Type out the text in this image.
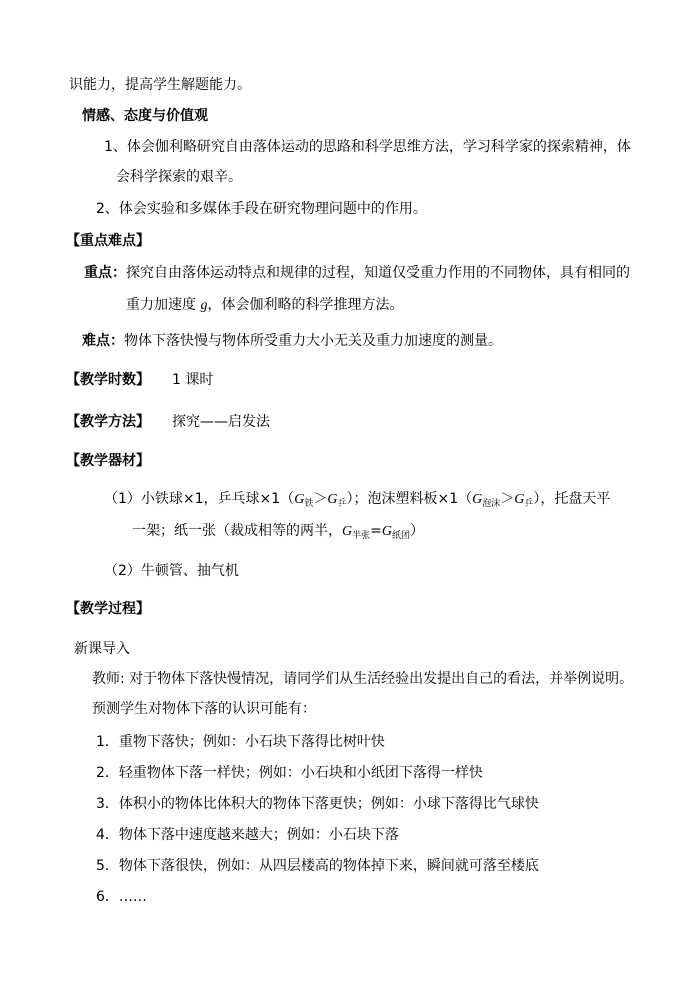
识能力，提高学生解题能力。
情感、态度与价值观
1、体会伽利略研究自由落体运动的思路和科学思维方法，学习科学家的探索精神，体
会科学探索的艰辛。
2、体会实验和多媒体手段在研究物理问题中的作用。
【重点难点】
重点：探究自由落体运动特点和规律的过程，知道仅受重力作用的不同物体，具有相同的
重力加速度 g，体会伽利略的科学推理方法。
难点：物体下落快慢与物体所受重力大小无关及重力加速度的测量。
【教学时数】 1 课时
【教学方法】 探究——启发法
【教学器材】
（1）小铁球×1，乒乓球$\times 1(G_铁>G_乒)$；泡沫塑料板$\times 1(G_{泡沫}>G_乒)$，托盘天平
一架；纸一张（裁成相等的两半，$G_{半张}=G_{纸团}$）
（2）牛顿管、抽气机
【教学过程】
新课导入
教师: 对于物体下落快慢情况，请同学们从生活经验出发提出自己的看法，并举例说明。
预测学生对物体下落的认识可能有：
1．重物下落快；例如：小石块下落得比树叶快
2．轻重物体下落一样快；例如：小石块和小纸团下落得一样快
3．体积小的物体比体积大的物体下落更快；例如：小球下落得比气球快
4．物体下落中速度越来越大；例如：小石块下落
5．物体下落很快，例如：从四层楼高的物体掉下来，瞬间就可落至楼底
6．……
